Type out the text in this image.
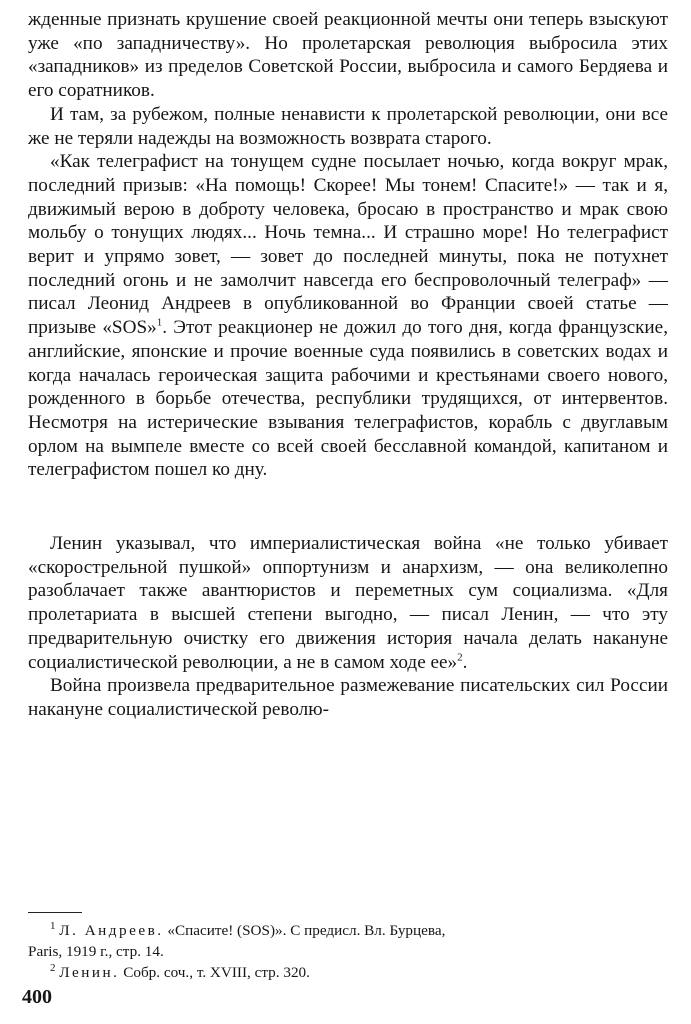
жденные признать крушение своей реакционной мечты они теперь взыскуют уже «по западничеству». Но пролетарская революция выбросила этих «западников» из пределов Советской России, выбросила и самого Бердяева и его соратников.

И там, за рубежом, полные ненависти к пролетарской революции, они все же не теряли надежды на возможность возврата старого.

«Как телеграфист на тонущем судне посылает ночью, когда вокруг мрак, последний призыв: «На помощь! Скорее! Мы тонем! Спасите!» — так и я, движимый верою в доброту человека, бросаю в пространство и мрак свою мольбу о тонущих людях... Ночь темна... И страшно море! Но телеграфист верит и упрямо зовет, — зовет до последней минуты, пока не потухнет последний огонь и не замолчит навсегда его беспроволочный телеграф» — писал Леонид Андреев в опубликованной во Франции своей статье — призыве «SOS»$^1$. Этот реакционер не дожил до того дня, когда французские, английские, японские и прочие военные суда появились в советских водах и когда началась героическая защита рабочими и крестьянами своего нового, рожденного в борьбе отечества, республики трудящихся, от интервентов. Несмотря на истерические взывания телеграфистов, корабль с двуглавым орлом на вымпеле вместе со всей своей бесславной командой, капитаном и телеграфистом пошел ко дну.

Ленин указывал, что империалистическая война «не только убивает «скорострельной пушкой» оппортунизм и анархизм, — она великолепно разоблачает также авантюристов и переметных сум социализма. «Для пролетариата в высшей степени выгодно, — писал Ленин, — что эту предварительную очистку его движения история начала делать накануне социалистической революции, а не в самом ходе ее»$^2$.

Война произвела предварительное размежевание писательских сил России накануне социалистической револю-

$^1$ Л. Андреев. «Спасите! (SOS)». С предисл. Вл. Бурцева,

Paris, 1919 г., стр. 14.

$^2$ Ленин. Собр. соч., т. XVIII, стр. 320.

400
